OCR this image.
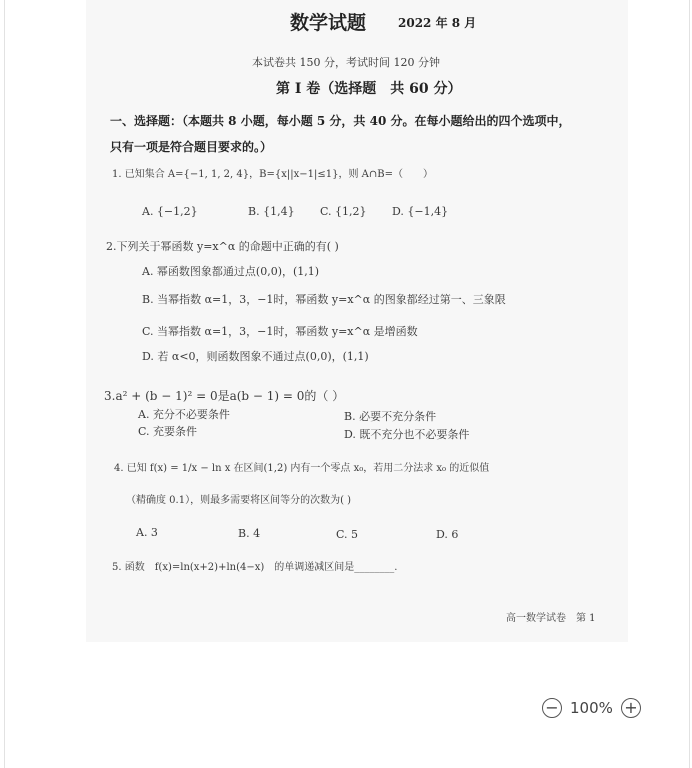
数学试题	2022 年 8 月
本试卷共 150 分，考试时间 120 分钟
第 I 卷（选择题　共 60 分）
一、选择题：（本题共 8 小题，每小题 5 分，共 40 分。在每小题给出的四个选项中，
只有一项是符合题目要求的。）
1. 已知集合 A={−1, 1, 2, 4}，B={x||x−1|≤1}，则 A∩B=（　　）
A. {−1,2}	B. {1,4} C. {1,2} D. {−1,4}
2.下列关于幂函数 y=x^α 的命题中正确的有( )
A. 幂函数图象都通过点(0,0)，(1,1)
B. 当幂指数 α=1，3，−1时，幂函数 y=x^α 的图象都经过第一、三象限
C. 当幂指数 α=1，3，−1时，幂函数 y=x^α 是增函数
D. 若 α<0，则函数图象不通过点(0,0)，(1,1)
3.a² + (b − 1)² = 0是a(b − 1) = 0的（ ）
A. 充分不必要条件	B. 必要不充分条件
C. 充要条件	D. 既不充分也不必要条件
4. 已知 f(x) = 1/x − ln x 在区间(1,2) 内有一个零点 x₀，若用二分法求 x₀ 的近似值
（精确度 0.1），则最多需要将区间等分的次数为( )
A. 3	B. 4	C. 5	D. 6
5. 函数　f(x)=ln(x+2)+ln(4−x)　的单调递减区间是________.
高一数学试卷　第 1
− 100% +
